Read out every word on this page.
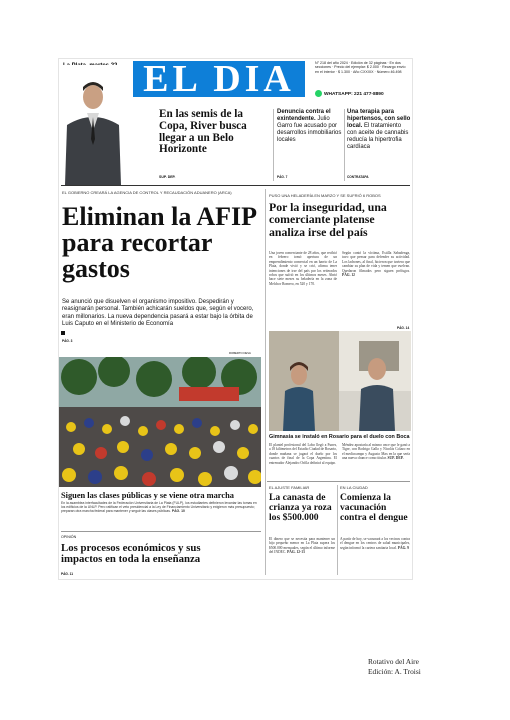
EL DIA	N° 218 del año 2024 · Edición de 32 páginas · En dos secciones · Precio del ejemplar: $ 2.000 · Recargo envío en el interior · $ 1.300 · Año CXXXIX · Número 46.498
WHATSAPP: 221 477-8890
En las semis de la Copa, River busca llegar a un Belo Horizonte
SUP. DEP.
Denuncia contra el exintendente. Julio Garro fue acusado por desarrollos inmobiliarios locales
PÁG. 7
Una terapia para hipertensos, con sello local. El tratamiento con aceite de cannabis reducía la hipertrofia cardíaca
CONTRATAPA
EL GOBIERNO CREARÁ LA AGENCIA DE CONTROL Y RECAUDACIÓN ADUANERO (ARCA)
Eliminan la AFIP para recortar gastos
Se anunció que disuelven el organismo impositivo. Despedirán y reasignarán personal. También achicarán sueldos que, según el vocero, eran millonarios. La nueva dependencia pasará a estar bajo la órbita de Luis Caputo en el Ministerio de Economía
PÁG. 3
ROBERTO DEVA
Siguen las clases públicas y se viene otra marcha
En la asamblea interfacultades de la Federación Universitaria de La Plata (FULP), los estudiantes definieron levantar las tomas en los edificios de la UNLP. Pero ratifican el veto presidencial a la Ley de Financiamiento Universitario y exigieron más presupuesto; preparan otra marcha federal para mantener y seguir las clases públicas. PÁG. 10
OPINIÓN
Los procesos económicos y sus impactos en toda la enseñanza
PÁG. 11
PUSO UNA HELADERÍA EN MARZO Y SE SUFRIÓ 6 ROBOS
Por la inseguridad, una comerciante platense analiza irse del país
Una joven comerciante de 28 años, que recibió en febrero tomó apertura de un emprendimiento comercial en un barrio de La Plata, donde vivió y se crió, afirma tener intenciones de irse del país por los reiterados robos que sufrió en los últimos meses. Abrió hace siete meses su heladería en la zona de Melchor Romero, en 520 y 170.
Según contó la víctima, Estilla Sabadenga, tuvo que pensar para defender su actividad. Los ladrones, al final, hicieron que tuviera que cambiar su plan de vida y temen que vuelvan. Quedaron filmados pero siguen prófugos. PÁG. 12
PÁG. 14
Gimnasia se instaló en Rosario para el duelo con Boca
El plantel profesional del Lobo llegó a Funes, a 18 kilómetros del Estadio Ciudad de Rosario, donde mañana se jugará el duelo por los cuartos de final de la Copa Argentina. El entrenador Alejandro Orfila definirá al equipo.
Méndez apostaría al mismo once que le ganó a Tigre, con Rodrigo Gallo y Nicolás Colazo en el mediocampo y Augusto Max en la que sería una nueva chance como titular. SUP. DEP.
EL AJUSTE FAMILIAR
La canasta de crianza ya roza los $500.000
El dinero que se necesita para mantener un hijo pequeño menor en La Plata supera los $500.000 mensuales, según el último informe del INDEC. PÁG. 12-13
EN LA CIUDAD
Comienza la vacunación contra el dengue
A partir de hoy, se vacunará a los vecinos contra el dengue en los centros de salud municipales, según informó la cartera sanitaria local. PÁG. 9
Rotativo del Aire
Edición: A. Troisi
